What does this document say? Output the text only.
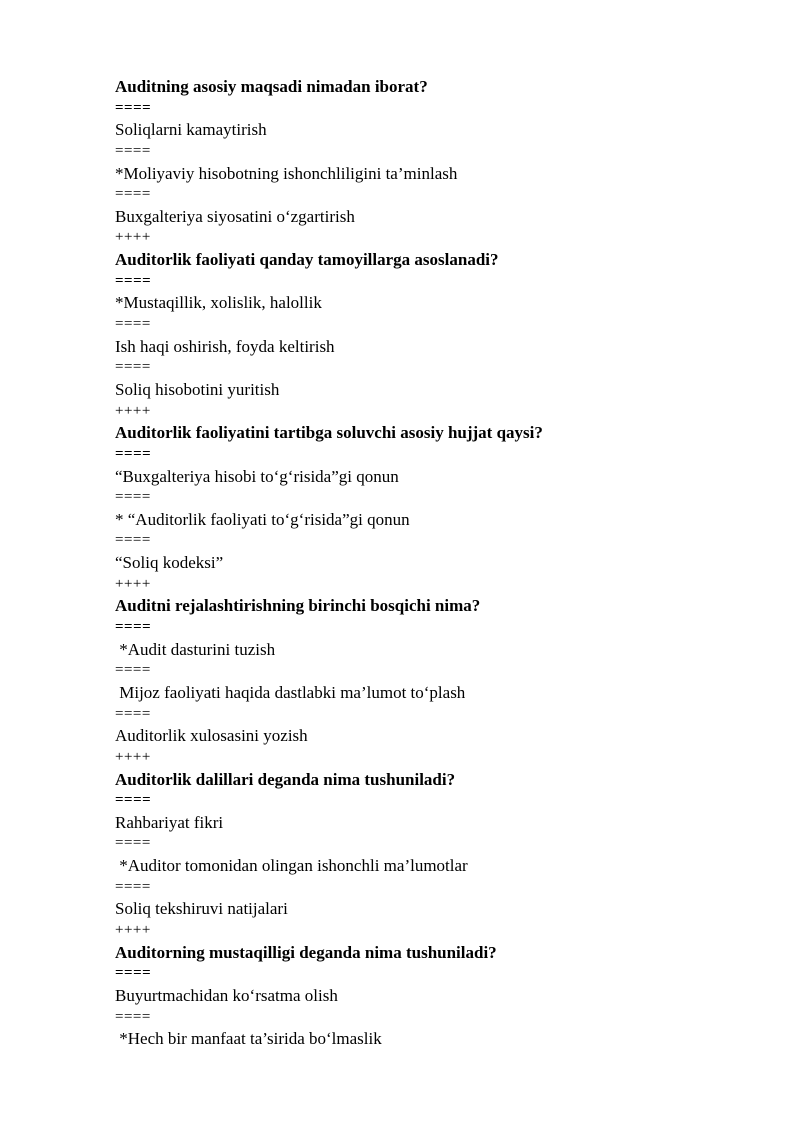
Auditning asosiy maqsadi nimadan iborat?
====
Soliqlarni kamaytirish
====
*Moliyaviy hisobotning ishonchliligini ta’minlash
====
Buxgalteriya siyosatini o‘zgartirish
++++
Auditorlik faoliyati qanday tamoyillarga asoslanadi?
====
*Mustaqillik, xolislik, halollik
====
Ish haqi oshirish, foyda keltirish
====
Soliq hisobotini yuritish
++++
Auditorlik faoliyatini tartibga soluvchi asosiy hujjat qaysi?
====
“Buxgalteriya hisobi to‘g‘risida”gi qonun
====
* “Auditorlik faoliyati to‘g‘risida”gi qonun
====
“Soliq kodeksi”
++++
Auditni rejalashtirishning birinchi bosqichi nima?
====
*Audit dasturini tuzish
====
Mijoz faoliyati haqida dastlabki ma’lumot to‘plash
====
Auditorlik xulosasini yozish
++++
Auditorlik dalillari deganda nima tushuniladi?
====
Rahbariyat fikri
====
*Auditor tomonidan olingan ishonchli ma’lumotlar
====
Soliq tekshiruvi natijalari
++++
Auditorning mustaqilligi deganda nima tushuniladi?
====
Buyurtmachidan ko‘rsatma olish
====
*Hech bir manfaat ta’sirida bo‘lmaslik
